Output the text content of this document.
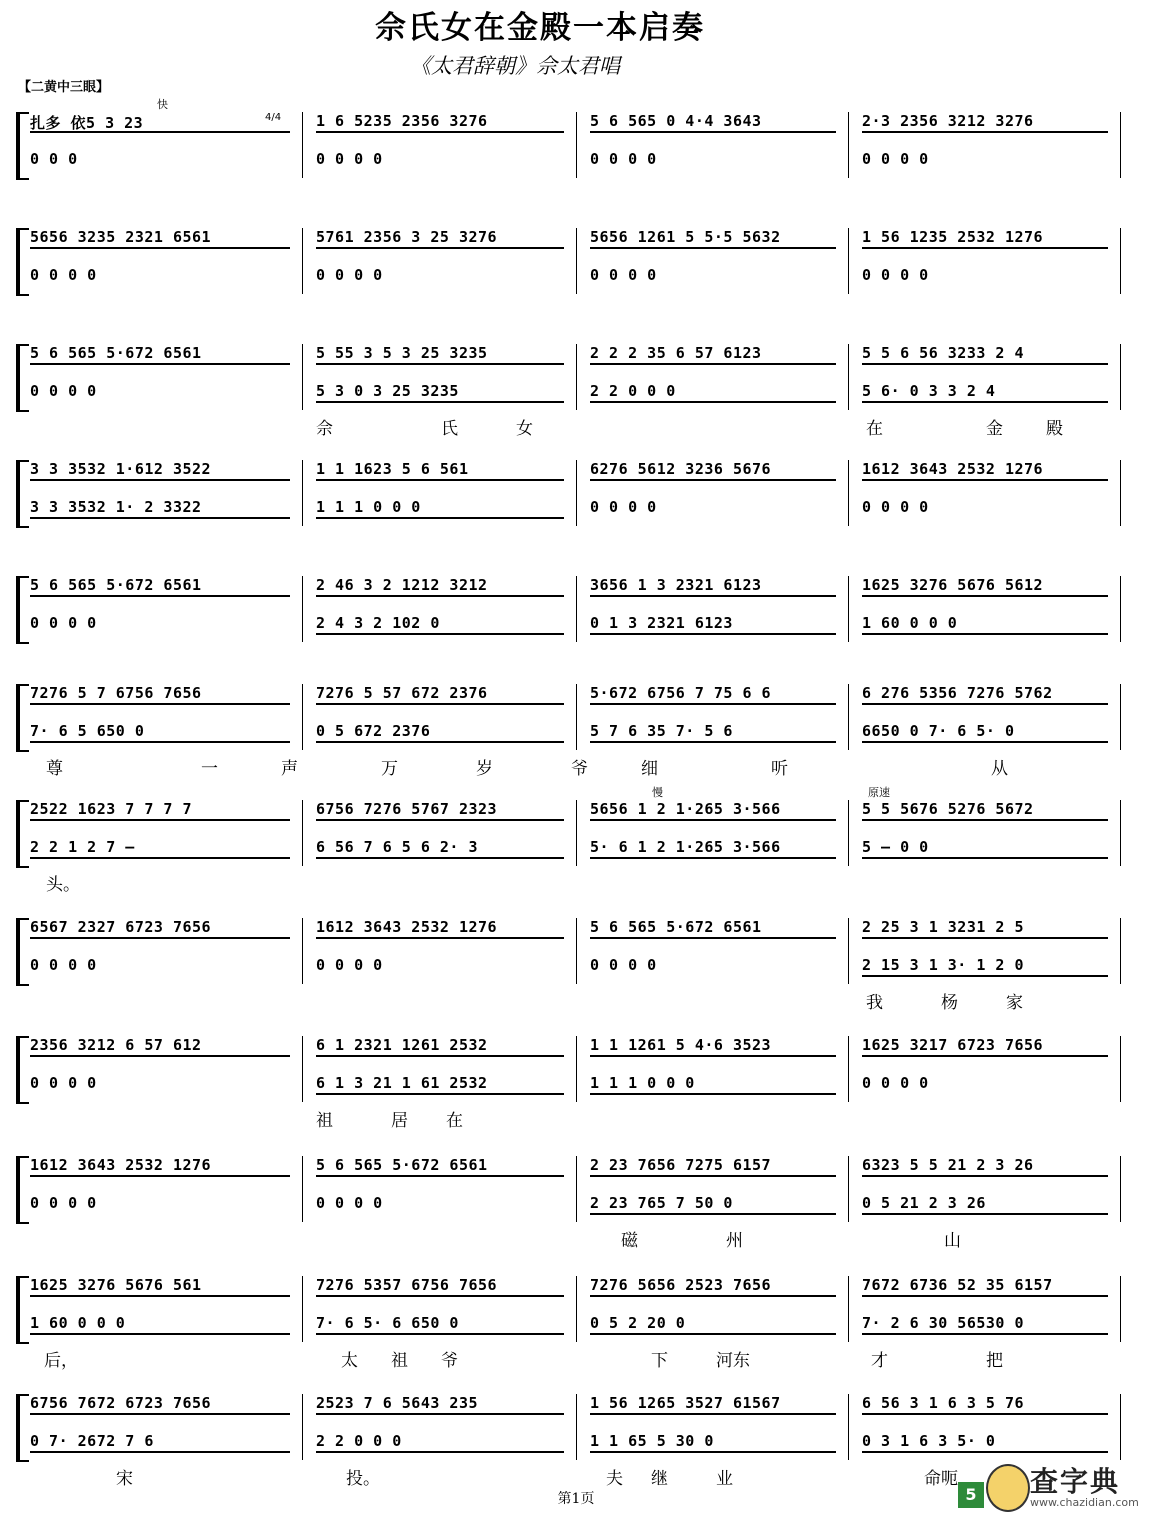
佘氏女在金殿一本启奏
《太君辞朝》佘太君唱
【二黄中三眼】
扎多 依5 3 23
0 0 0
1 6 5235 2356 3276
0 0 0 0
5 6 565 0 4·4 3643
0 0 0 0
2·3 2356 3212 3276
0 0 0 0
5656 3235 2321 6561
0 0 0 0
5761 2356 3 25 3276
0 0 0 0
5656 1261 5 5·5 5632
0 0 0 0
1 56 1235 2532 1276
0 0 0 0
5 6 565 5·672 6561
0 0 0 0
5 55 3 5 3 25 3235
5 3 0 3 25 3235
2 2 2 35 6 57 6123
2 2 0 0 0
5 5 6 56 3233 2 4
5 6· 0 3 3 2 4
佘	氏	女	在	金	殿
3 3 3532 1·612 3522
3 3 3532 1· 2 3322
1 1 1623 5 6 561
1 1 1 0 0 0
6276 5612 3236 5676
0 0 0 0
1612 3643 2532 1276
0 0 0 0
5 6 565 5·672 6561
0 0 0 0
2 46 3 2 1212 3212
2 4 3 2 102 0
3656 1 3 2321 6123
0 1 3 2321 6123
1625 3276 5676 5612
1 60 0 0 0
7276 5 7 6756 7656
7· 6 5 650 0
7276 5 57 672 2376
0 5 672 2376
5·672 6756 7 75 6 6
5 7 6 35 7· 5 6
6 276 5356 7276 5762
6650 0 7· 6 5· 0
尊	一	声	万	岁	爷	细	听	从
2522 1623 7 7 7 7
2 2 1 2 7 —
6756 7276 5767 2323
6 56 7 6 5 6 2· 3
5656 1 2 1·265 3·566
5· 6 1 2 1·265 3·566
5 5 5676 5276 5672
5 — 0 0
头。
6567 2327 6723 7656
0 0 0 0
1612 3643 2532 1276
0 0 0 0
5 6 565 5·672 6561
0 0 0 0
2 25 3 1 3231 2 5
2 15 3 1 3· 1 2 0
我	杨	家
2356 3212 6 57 612
0 0 0 0
6 1 2321 1261 2532
6 1 3 21 1 61 2532
1 1 1261 5 4·6 3523
1 1 1 0 0 0
1625 3217 6723 7656
0 0 0 0
祖	居 在
1612 3643 2532 1276
0 0 0 0
5 6 565 5·672 6561
0 0 0 0
2 23 7656 7275 6157
2 23 765 7 50 0
6323 5 5 21 2 3 26
0 5 21 2 3 26
磁	州	山
1625 3276 5676 561
1 60 0 0 0
7276 5357 6756 7656
7· 6 5· 6 650 0
7276 5656 2523 7656
0 5 2 20 0
7672 6736 52 35 6157
7· 2 6 30 56530 0
后，	太 祖 爷	下	河东	才	把
6756 7672 6723 7656
0 7· 2672 7 6
2523 7 6 5643 235
2 2 0 0 0
1 56 1265 3527 61567
1 1 65 5 30 0
6 56 3 1 6 3 5 76
0 3 1 6 3 5· 0
宋	投。	夫 继	业	命呃
快
慢	原速
4/4
第1页	5 查字典
www.chazidian.com
